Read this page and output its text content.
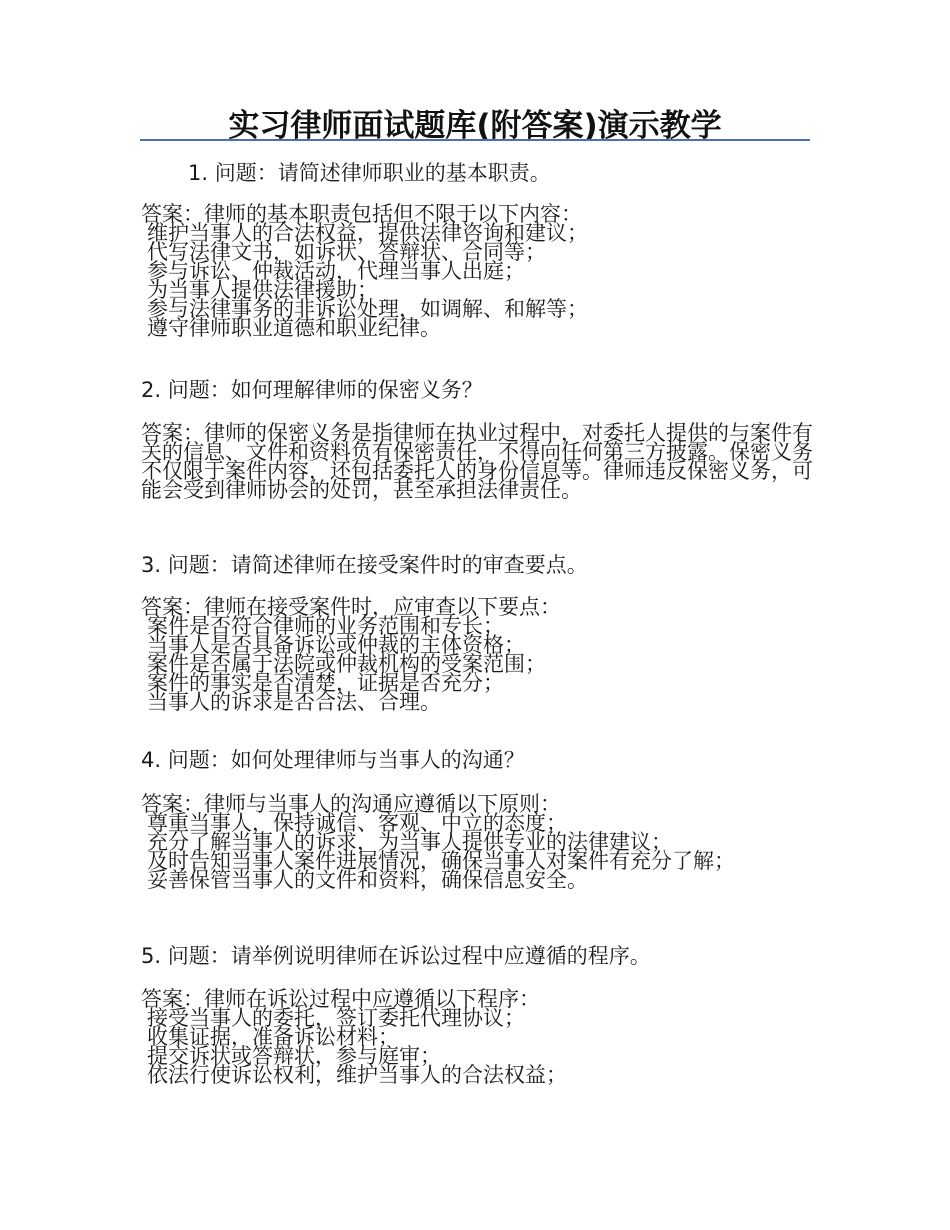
实习律师面试题库(附答案)演示教学
1. 问题：请简述律师职业的基本职责。
答案：律师的基本职责包括但不限于以下内容：
维护当事人的合法权益，提供法律咨询和建议；
代写法律文书，如诉状、答辩状、合同等；
参与诉讼、仲裁活动，代理当事人出庭；
为当事人提供法律援助；
参与法律事务的非诉讼处理，如调解、和解等；
遵守律师职业道德和职业纪律。
2. 问题：如何理解律师的保密义务？
答案：律师的保密义务是指律师在执业过程中，对委托人提供的与案件有关的信息、文件和资料负有保密责任，不得向任何第三方披露。保密义务不仅限于案件内容，还包括委托人的身份信息等。律师违反保密义务，可能会受到律师协会的处罚，甚至承担法律责任。
3. 问题：请简述律师在接受案件时的审查要点。
答案：律师在接受案件时，应审查以下要点：
案件是否符合律师的业务范围和专长；
当事人是否具备诉讼或仲裁的主体资格；
案件是否属于法院或仲裁机构的受案范围；
案件的事实是否清楚，证据是否充分；
当事人的诉求是否合法、合理。
4. 问题：如何处理律师与当事人的沟通？
答案：律师与当事人的沟通应遵循以下原则：
尊重当事人，保持诚信、客观、中立的态度；
充分了解当事人的诉求，为当事人提供专业的法律建议；
及时告知当事人案件进展情况，确保当事人对案件有充分了解；
妥善保管当事人的文件和资料，确保信息安全。
5. 问题：请举例说明律师在诉讼过程中应遵循的程序。
答案：律师在诉讼过程中应遵循以下程序：
接受当事人的委托，签订委托代理协议；
收集证据，准备诉讼材料；
提交诉状或答辩状，参与庭审；
依法行使诉讼权利，维护当事人的合法权益；
